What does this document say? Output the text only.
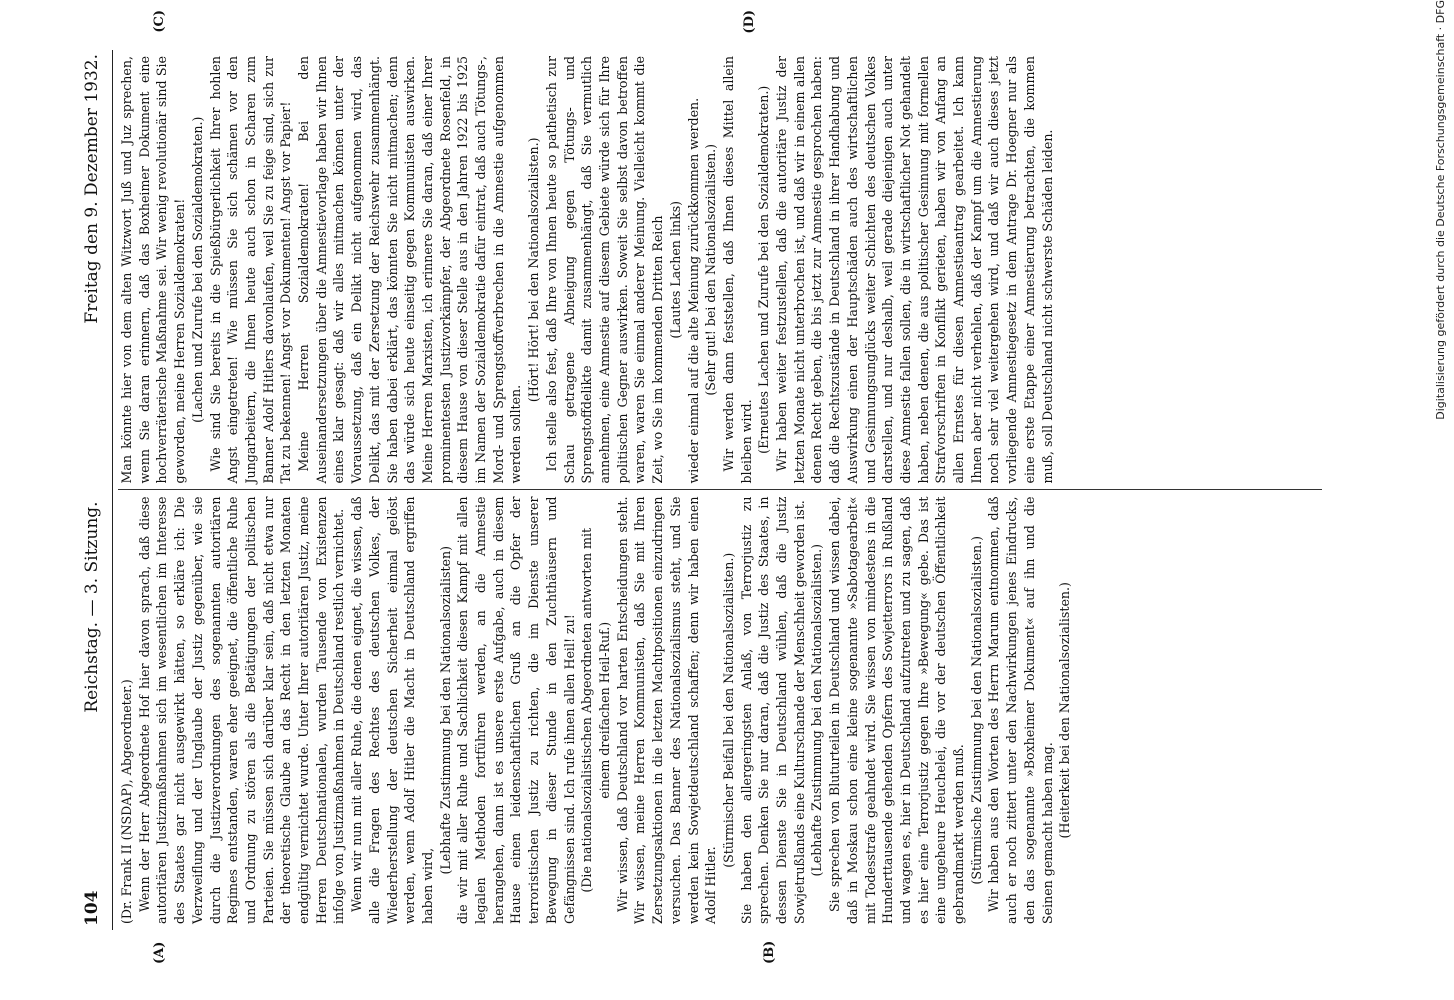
104
Reichstag. — 3. Sitzung.
Freitag den 9. Dezember 1932.

(Dr. Frank II (NSDAP), Abgeordneter.) Wenn der Herr Abgeordnete Hof hier davon sprach, daß diese autoritären Justizmaßnahmen sich im wesentlichen im Interesse des Staates gar nicht ausgewirkt hätten, so erkläre ich: Die Verzweiflung und der Unglaube der Justiz gegenüber, wie sie durch die Justizverordnungen des sogenannten autoritären Regimes entstanden, waren eher geeignet, die öffentliche Ruhe und Ordnung zu stören als die Betätigungen der politischen Parteien. Sie müssen sich darüber klar sein, daß nicht etwa nur der theoretische Glaube an das Recht in den letzten Monaten endgültig vernichtet wurde. Unter Ihrer autoritären Justiz, meine Herren Deutschnationalen, wurden Tausende von Existenzen infolge von Justizmaßnahmen in Deutschland restlich vernichtet. Wenn wir nun mit aller Ruhe, die denen eignet, die wissen, daß alle die Fragen des Rechtes des deutschen Volkes, der Wiederherstellung der deutschen Sicherheit einmal gelöst werden, wenn Adolf Hitler die Macht in Deutschland ergriffen haben wird,

(Lebhafte Zustimmung bei den Nationalsozialisten) die wir mit aller Ruhe und Sachlichkeit diesen Kampf mit allen legalen Methoden fortführen werden, an die Amnestie herangehen, dann ist es unsere erste Aufgabe, auch in diesem Hause einen leidenschaftlichen Gruß an die Opfer der terroristischen Justiz zu richten, die im Dienste unserer Bewegung in dieser Stunde in den Zuchthäusern und Gefängnissen sind. Ich rufe ihnen allen Heil! zu! (Die nationalsozialistischen Abgeordneten antworten mit einem dreifachen Heil-Ruf.) Wir wissen, daß Deutschland vor harten Entscheidungen steht. Wir wissen, meine Herren Kommunisten, daß Sie mit Ihren Zersetzungsaktionen in die letzten Machtpositionen einzudringen versuchen. Das Banner des Nationalsozialismus steht, und Sie werden kein Sowjetdeutschland schaffen; denn wir haben einen Adolf Hitler.

(Stürmischer Beifall bei den Nationalsozialisten.) Sie haben den allergeringsten Anlaß, von Terrorjustiz zu sprechen. Denken Sie nur daran, daß die Justiz des Staates, in dessen Dienste Sie in Deutschland wühlen, daß die Justiz Sowjetrußlands eine Kulturschande der Menschheit geworden ist. (Lebhafte Zustimmung bei den Nationalsozialisten.) Sie sprechen von Bluturteilen in Deutschland und wissen dabei, daß in Moskau schon eine kleine sogenannte »Sabotagearbeit« mit Todesstrafe geahndet wird. Sie wissen von mindestens in die Hunderttausende gehenden Opfern des Sowjetterrors in Rußland und wagen es, hier in Deutschland aufzutreten und zu sagen, daß es hier eine Terrorjustiz gegen Ihre »Bewegung« gebe. Das ist eine ungeheure Heuchelei, die vor der deutschen Öffentlichkeit gebrandmarkt werden muß. (Stürmische Zustimmung bei den Nationalsozialisten.) Wir haben aus den Worten des Herrn Marum entnommen, daß auch er noch zittert unter den Nachwirkungen jenes Eindrucks, den das sogenannte »Boxheimer Dokument« auf ihn und die Seinen gemacht haben mag. (Heiterkeit bei den Nationalsozialisten.)

Man könnte hier von dem alten Witzwort Juß und Juz sprechen, wenn Sie daran erinnern, daß das Boxheimer Dokument eine hochverräterische Maßnahme sei. Wir wenig revolutionär sind Sie geworden, meine Herren Sozialdemokraten! (Lachen und Zurufe bei den Sozialdemokraten.) Wie sind Sie bereits in die Spießbürgerlichkeit Ihrer hohlen Angst eingetreten! Wie müssen Sie sich schämen vor den Jungarbeitern, die Ihnen heute auch schon in Scharen zum Banner Adolf Hitlers davonlaufen, weil Sie zu feige sind, sich zur Tat zu bekennen! Angst vor Dokumenten! Angst vor Papier! Meine Herren Sozialdemokraten! Bei den Auseinandersetzungen über die Amnestievorlage haben wir Ihnen eines klar gesagt: daß wir alles mitmachen können unter der Voraussetzung, daß ein Delikt nicht aufgenommen wird, das Delikt, das mit der Zersetzung der Reichswehr zusammenhängt. Sie haben dabei erklärt, das könnten Sie nicht mitmachen; denn das würde sich heute einseitig gegen Kommunisten auswirken. Meine Herren Marxisten, ich erinnere Sie daran, daß einer Ihrer prominentesten Justizvorkämpfer, der Abgeordnete Rosenfeld, in diesem Hause von dieser Stelle aus in den Jahren 1922 bis 1925 im Namen der Sozialdemokratie dafür eintrat, daß auch Tötungs-, Mord- und Sprengstoffverbrechen in die Amnestie aufgenommen werden sollten.

(Hört! Hört! bei den Nationalsozialisten.) Ich stelle also fest, daß Ihre von Ihnen heute so pathetisch zur Schau getragene Abneigung gegen Tötungs- und Sprengstoffdelikte damit zusammenhängt, daß Sie vermutlich annehmen, eine Amnestie auf diesem Gebiete würde sich für Ihre politischen Gegner auswirken. Soweit Sie selbst davon betroffen waren, waren Sie einmal anderer Meinung. Vielleicht kommt die Zeit, wo Sie im kommenden Dritten Reich (Lautes Lachen links) wieder einmal auf die alte Meinung zurückkommen werden. (Sehr gut! bei den Nationalsozialisten.) Wir werden dann feststellen, daß Ihnen dieses Mittel allein bleiben wird. (Erneutes Lachen und Zurufe bei den Sozialdemokraten.) Wir haben weiter festzustellen, daß die autoritäre Justiz der letzten Monate nicht unterbrochen ist, und daß wir in einem allen denen Recht geben, die bis jetzt zur Amnestie gesprochen haben: daß die Rechtszustände in Deutschland in ihrer Handhabung und Auswirkung einen der Hauptschäden auch des wirtschaftlichen und Gesinnungsunglücks weiter Schichten des deutschen Volkes darstellen, und nur deshalb, weil gerade diejenigen auch unter diese Amnestie fallen sollen, die in wirtschaftlicher Not gehandelt haben, neben denen, die aus politischer Gesinnung mit formellen Strafvorschriften in Konflikt gerieten, haben wir von Anfang an allen Ernstes für diesen Amnestieantrag gearbeitet. Ich kann Ihnen aber nicht verhehlen, daß der Kampf um die Amnestierung noch sehr viel weitergehen wird, und daß wir auch dieses jetzt vorliegende Amnestiegesetz in dem Antrage Dr. Hoegner nur als eine erste Etappe einer Amnestierung betrachten, die kommen muß, soll Deutschland nicht schwerste Schäden leiden.

(A)	(B)
(C)	(D)	Digitalisierung gefördert durch die Deutsche Forschungsgemeinschaft · DFG
